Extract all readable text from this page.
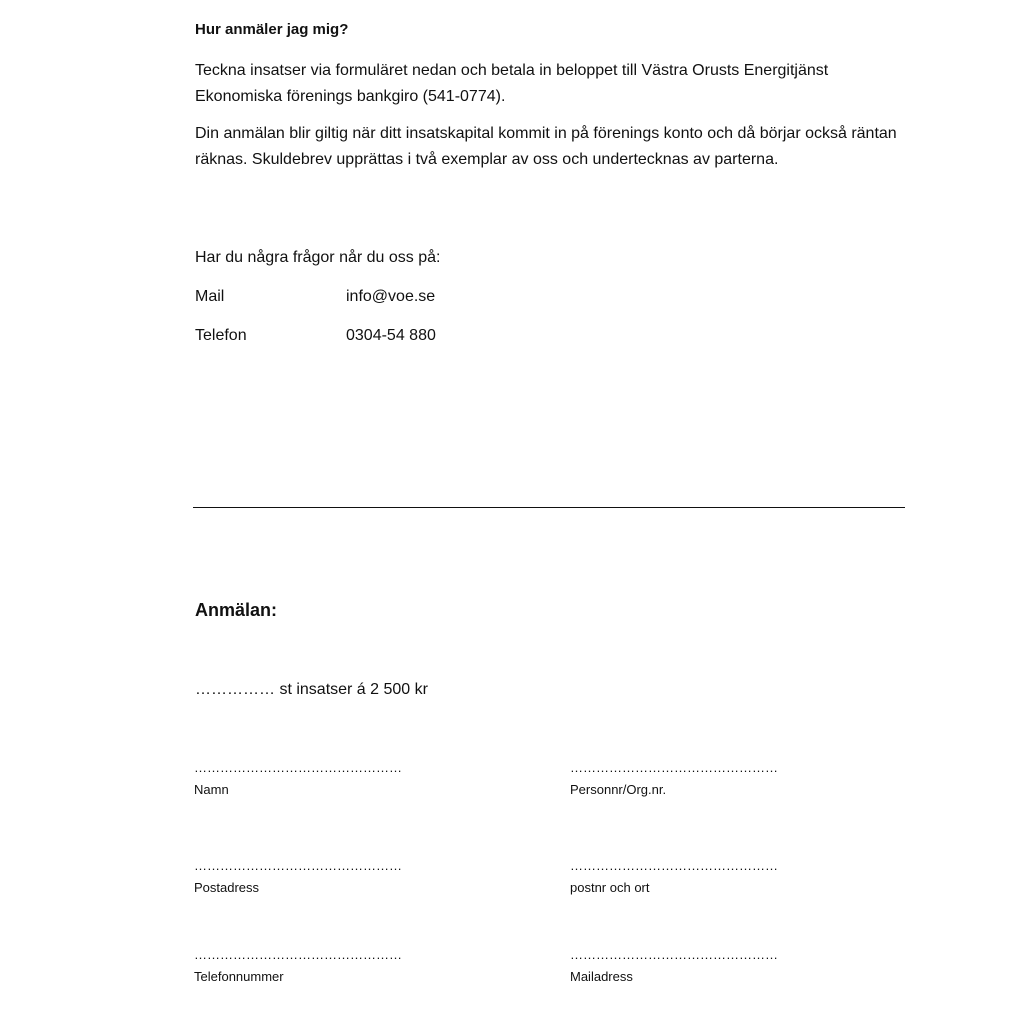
Hur anmäler jag mig?
Teckna insatser via formuläret nedan och betala in beloppet till Västra Orusts Energitjänst Ekonomiska förenings bankgiro (541-0774).
Din anmälan blir giltig när ditt insatskapital kommit in på förenings konto och då börjar också räntan räknas. Skuldebrev upprättas i två exemplar av oss och undertecknas av parterna.
Har du några frågor når du oss på:
Mail	info@voe.se
Telefon	0304-54 880
Anmälan:
…………… st insatser á 2 500 kr
…………………………………………
Namn
…………………………………………
Personnr/Org.nr.
…………………………………………
Postadress
…………………………………………
postnr och ort
…………………………………………
Telefonnummer
…………………………………………
Mailadress
